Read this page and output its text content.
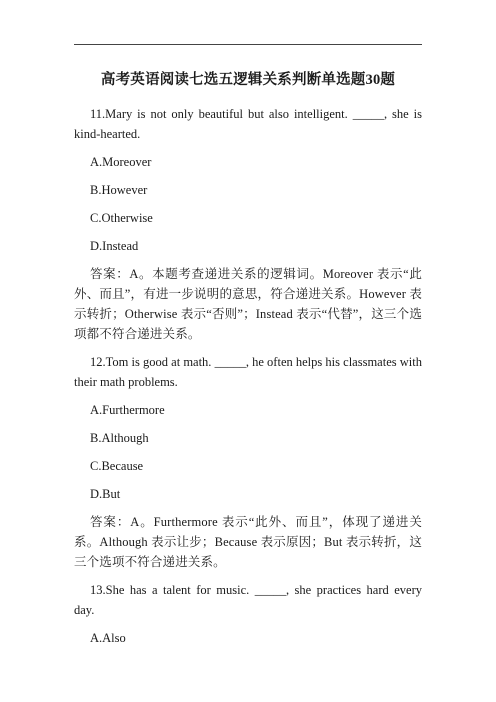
高考英语阅读七选五逻辑关系判断单选题30题

11.Mary is not only beautiful but also intelligent. _____, she is kind-hearted.

A.Moreover

B.However

C.Otherwise

D.Instead

答案：A。本题考查递进关系的逻辑词。Moreover 表示“此外、而且”，有进一步说明的意思，符合递进关系。However 表示转折；Otherwise 表示“否则”；Instead 表示“代替”，这三个选项都不符合递进关系。

12.Tom is good at math. _____, he often helps his classmates with their math problems.

A.Furthermore

B.Although

C.Because

D.But

答案：A。Furthermore 表示“此外、而且”，体现了递进关系。Although 表示让步；Because 表示原因；But 表示转折，这三个选项不符合递进关系。

13.She has a talent for music. _____, she practices hard every day.

A.Also
